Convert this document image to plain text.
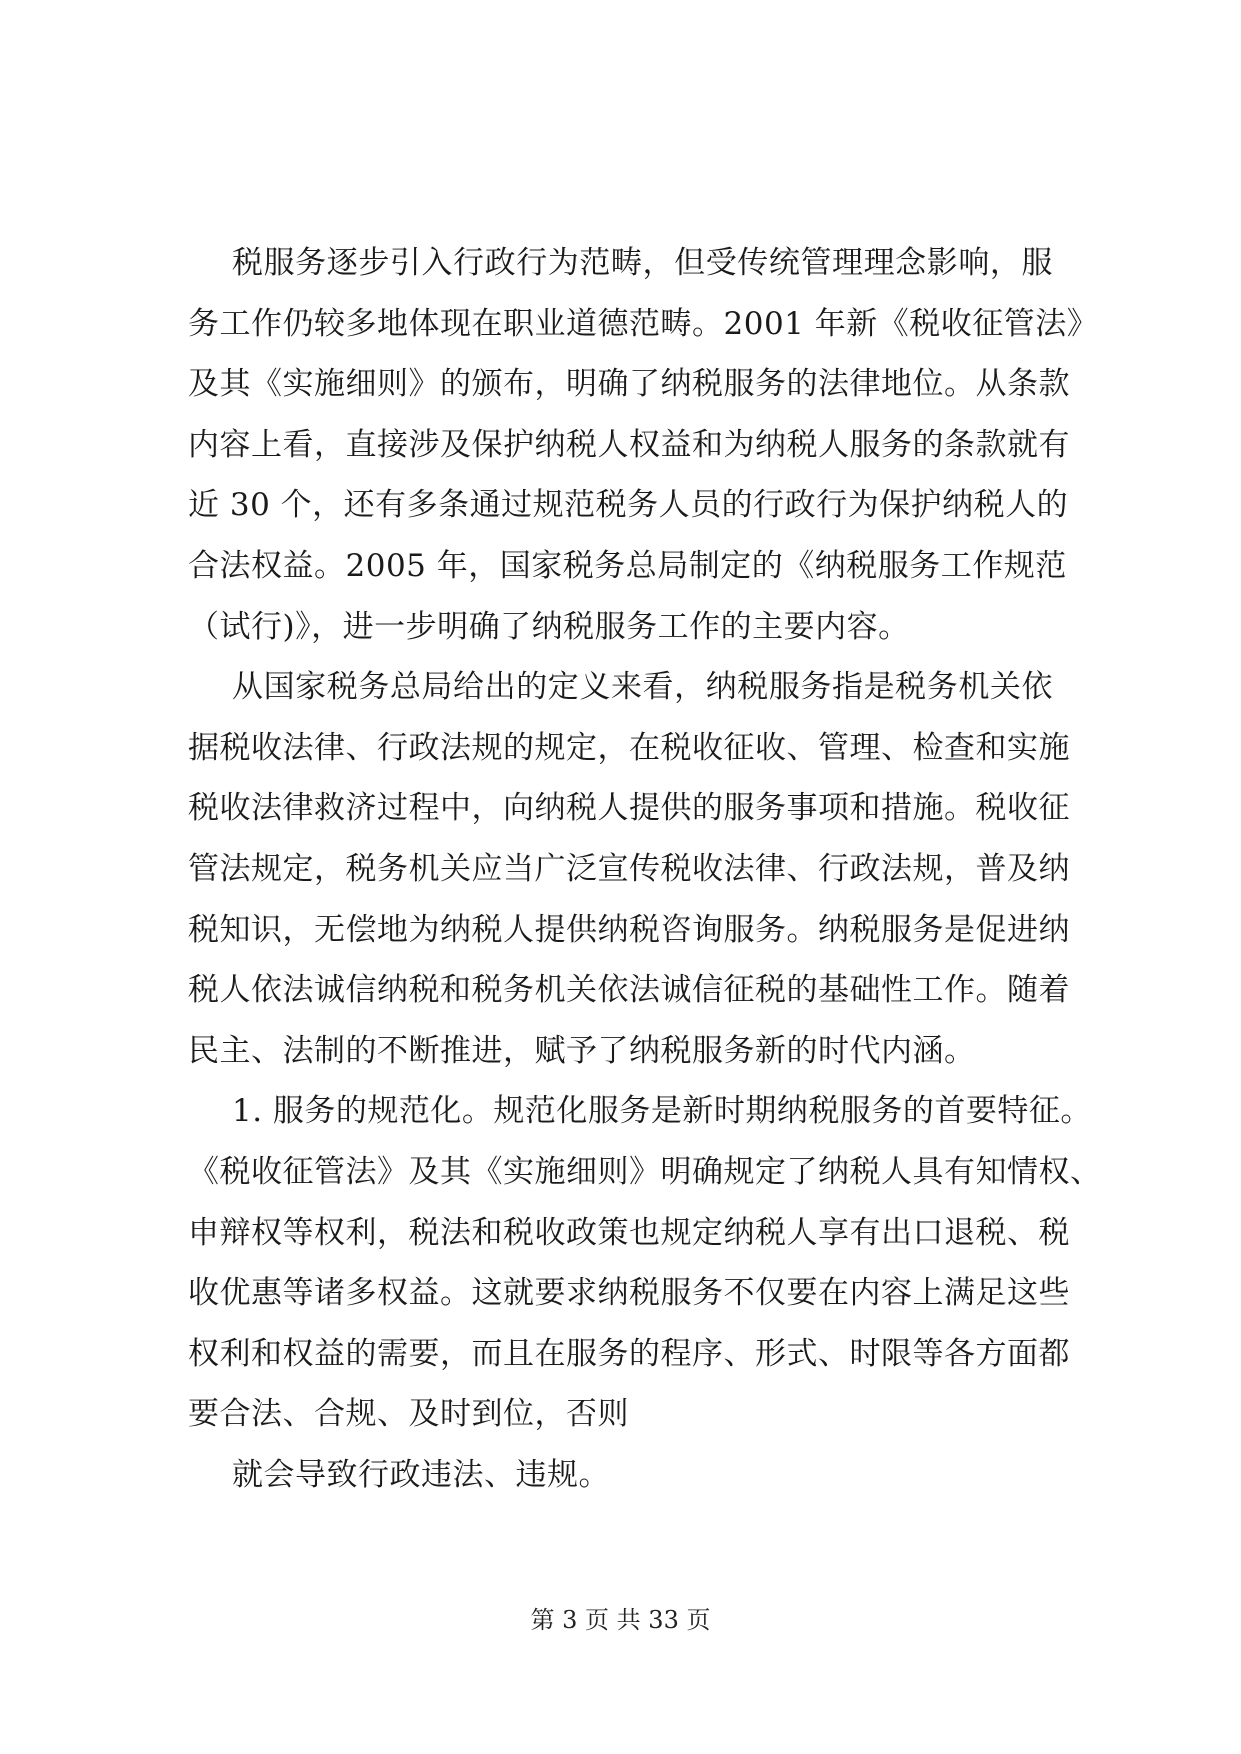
税服务逐步引入行政行为范畴，但受传统管理理念影响，服
务工作仍较多地体现在职业道德范畴。2001 年新《税收征管法》
及其《实施细则》的颁布，明确了纳税服务的法律地位。从条款
内容上看，直接涉及保护纳税人权益和为纳税人服务的条款就有
近 30 个，还有多条通过规范税务人员的行政行为保护纳税人的
合法权益。2005 年，国家税务总局制定的《纳税服务工作规范
（试行)》，进一步明确了纳税服务工作的主要内容。
从国家税务总局给出的定义来看，纳税服务指是税务机关依
据税收法律、行政法规的规定，在税收征收、管理、检查和实施
税收法律救济过程中，向纳税人提供的服务事项和措施。税收征
管法规定，税务机关应当广泛宣传税收法律、行政法规，普及纳
税知识，无偿地为纳税人提供纳税咨询服务。纳税服务是促进纳
税人依法诚信纳税和税务机关依法诚信征税的基础性工作。随着
民主、法制的不断推进，赋予了纳税服务新的时代内涵。
1. 服务的规范化。规范化服务是新时期纳税服务的首要特征。
《税收征管法》及其《实施细则》明确规定了纳税人具有知情权、
申辩权等权利，税法和税收政策也规定纳税人享有出口退税、税
收优惠等诸多权益。这就要求纳税服务不仅要在内容上满足这些
权利和权益的需要，而且在服务的程序、形式、时限等各方面都
要合法、合规、及时到位，否则
就会导致行政违法、违规。
第 3 页 共 33 页
